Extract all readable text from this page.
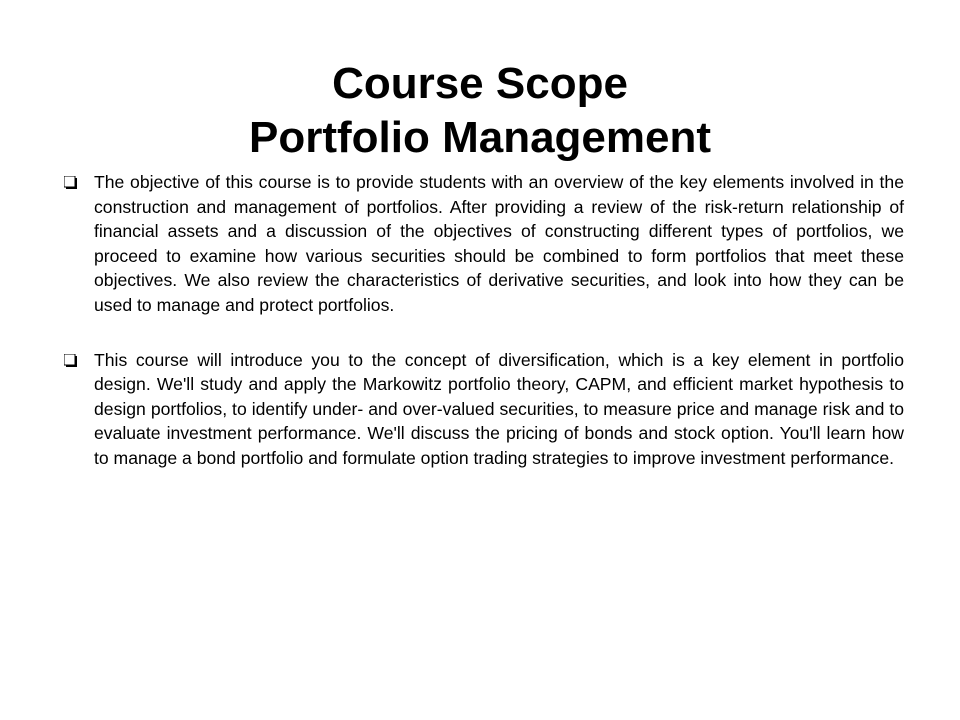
Course Scope
Portfolio Management
The objective of this course is to provide students with an overview of the key elements involved in the construction and management of portfolios. After providing a review of the risk-return relationship of financial assets and a discussion of the objectives of constructing different types of portfolios, we proceed to examine how various securities should be combined to form portfolios that meet these objectives. We also review the characteristics of derivative securities, and look into how they can be used to manage and protect portfolios.
This course will introduce you to the concept of diversification, which is a key element in portfolio design. We'll study and apply the Markowitz portfolio theory, CAPM, and efficient market hypothesis to design portfolios, to identify under- and over-valued securities, to measure price and manage risk and to evaluate investment performance. We'll discuss the pricing of bonds and stock option. You'll learn how to manage a bond portfolio and formulate option trading strategies to improve investment performance.
